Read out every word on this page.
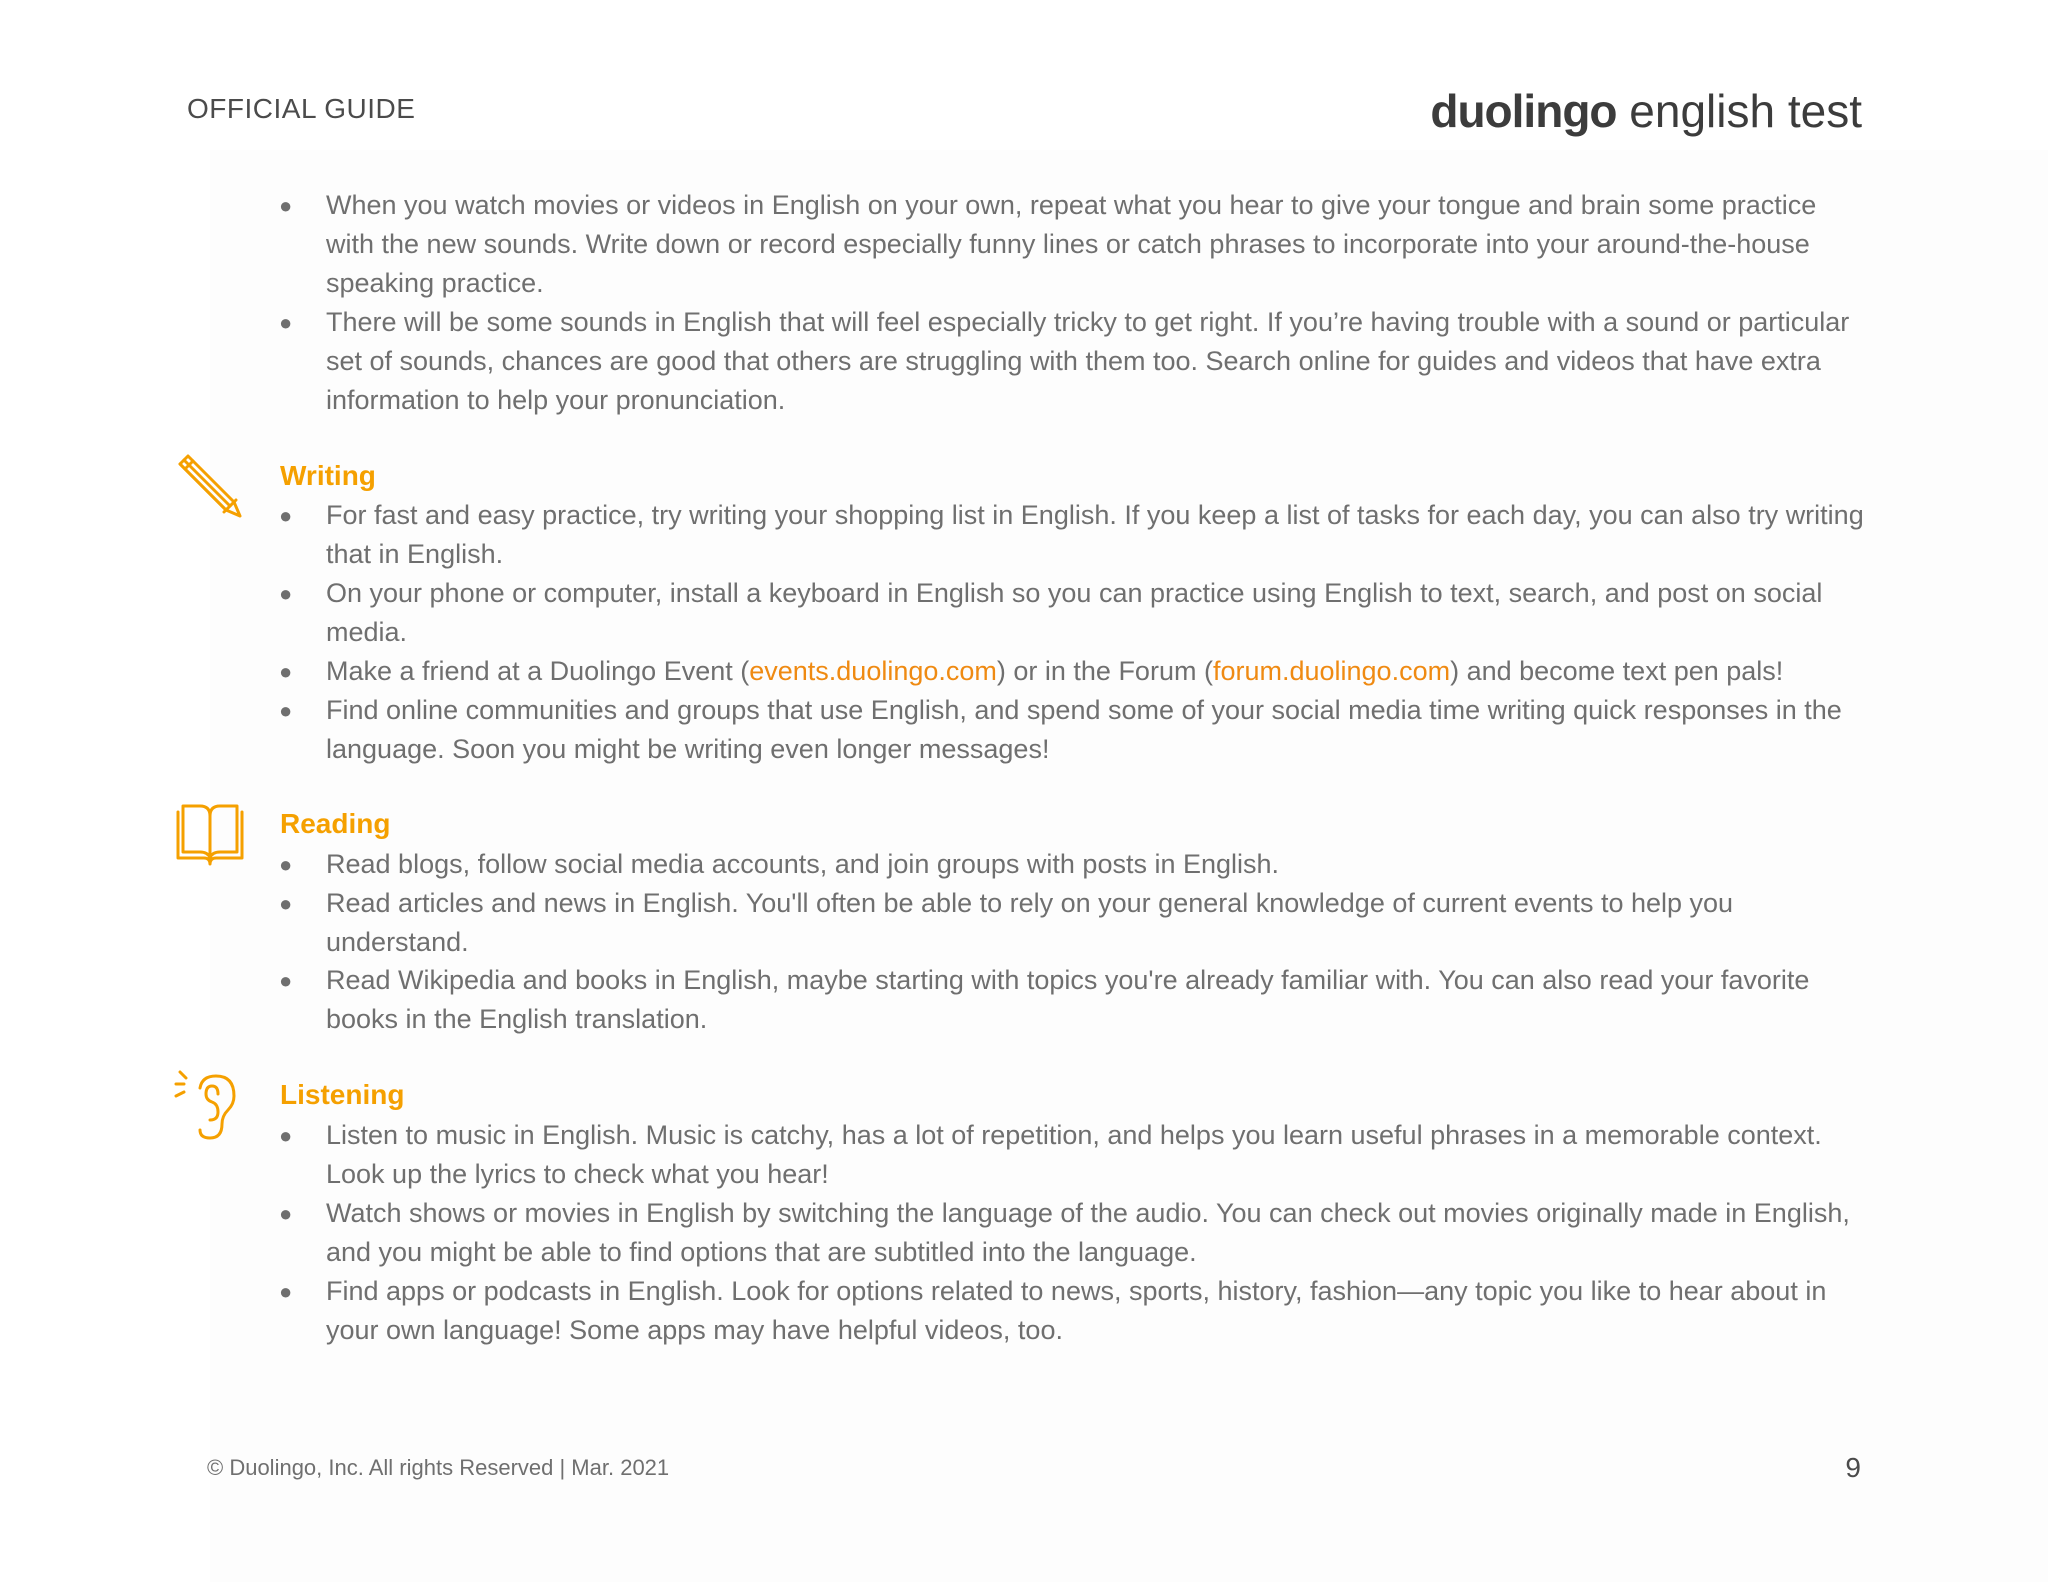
OFFICIAL GUIDE	duolingo english test
● When you watch movies or videos in English on your own, repeat what you hear to give your tongue and brain some practice with the new sounds. Write down or record especially funny lines or catch phrases to incorporate into your around-the-house speaking practice.
● There will be some sounds in English that will feel especially tricky to get right. If you’re having trouble with a sound or particular set of sounds, chances are good that others are struggling with them too. Search online for guides and videos that have extra information to help your pronunciation.
Writing
● For fast and easy practice, try writing your shopping list in English. If you keep a list of tasks for each day, you can also try writing that in English.
● On your phone or computer, install a keyboard in English so you can practice using English to text, search, and post on social media.
● Make a friend at a Duolingo Event (events.duolingo.com) or in the Forum (forum.duolingo.com) and become text pen pals!
● Find online communities and groups that use English, and spend some of your social media time writing quick responses in the language. Soon you might be writing even longer messages!
Reading
● Read blogs, follow social media accounts, and join groups with posts in English.
● Read articles and news in English. You'll often be able to rely on your general knowledge of current events to help you understand.
● Read Wikipedia and books in English, maybe starting with topics you're already familiar with. You can also read your favorite books in the English translation.
Listening
● Listen to music in English. Music is catchy, has a lot of repetition, and helps you learn useful phrases in a memorable context. Look up the lyrics to check what you hear!
● Watch shows or movies in English by switching the language of the audio. You can check out movies originally made in English, and you might be able to find options that are subtitled into the language.
● Find apps or podcasts in English. Look for options related to news, sports, history, fashion—any topic you like to hear about in your own language! Some apps may have helpful videos, too.
© Duolingo, Inc. All rights Reserved | Mar. 2021	9
